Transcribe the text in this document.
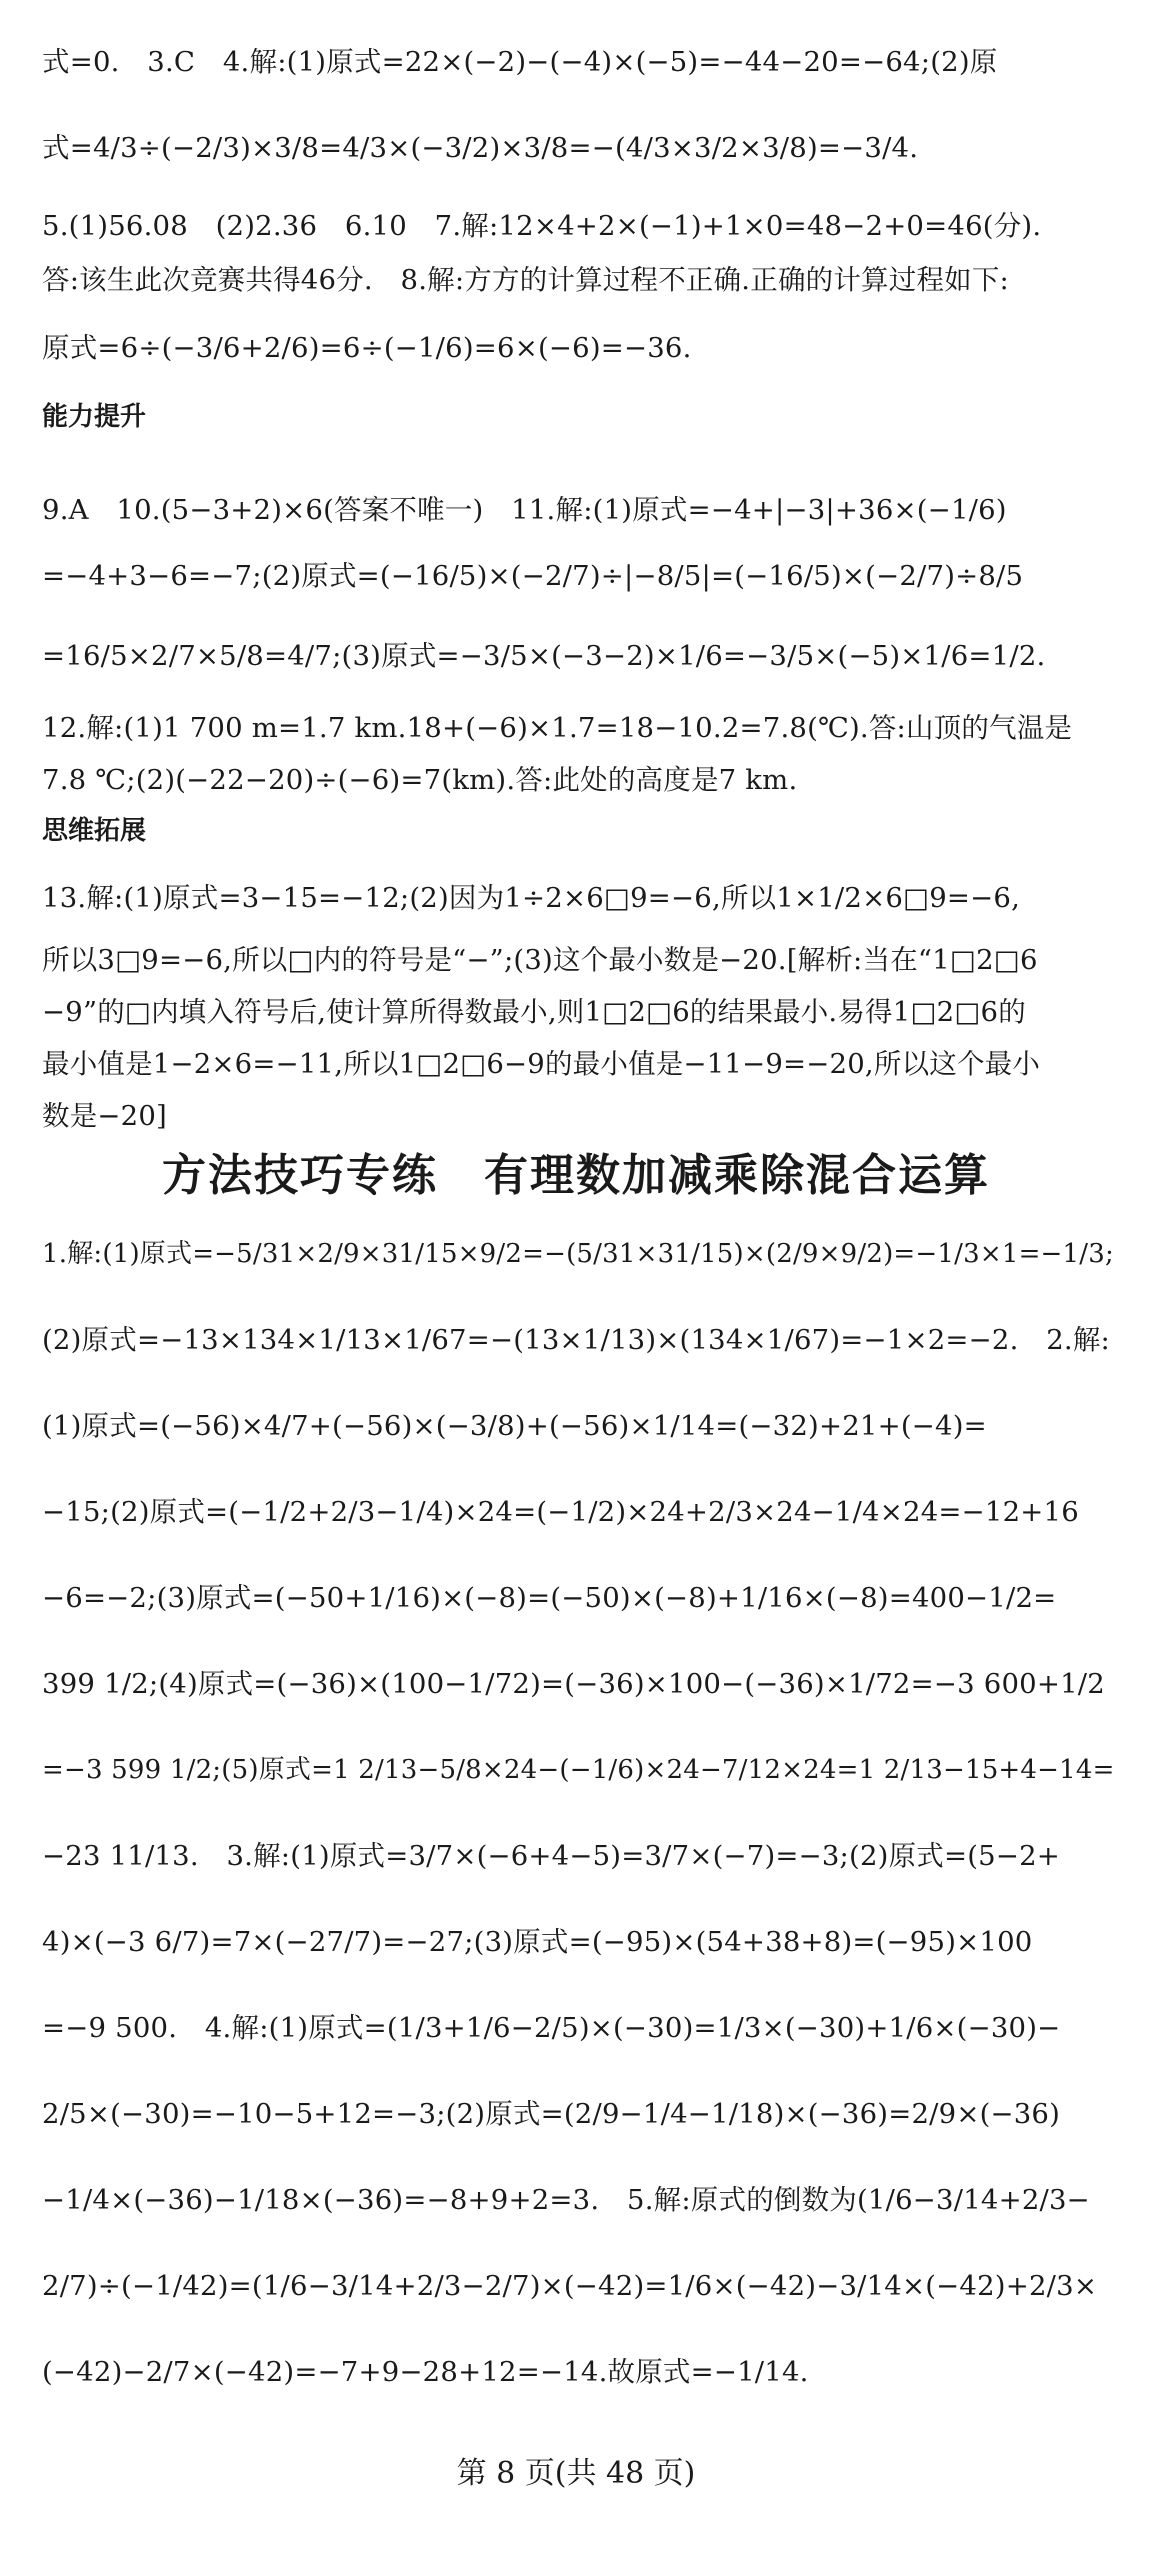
式=0.　3.C　4.解:(1)原式=22×(−2)−(−4)×(−5)=−44−20=−64;(2)原
式=4/3÷(−2/3)×3/8=4/3×(−3/2)×3/8=−(4/3×3/2×3/8)=−3/4.
5.(1)56.08　(2)2.36　6.10　7.解:12×4+2×(−1)+1×0=48−2+0=46(分).
答:该生此次竞赛共得46分.　8.解:方方的计算过程不正确.正确的计算过程如下:
原式=6÷(−3/6+2/6)=6÷(−1/6)=6×(−6)=−36.
能力提升
9.A　10.(5−3+2)×6(答案不唯一)　11.解:(1)原式=−4+|−3|+36×(−1/6)
=−4+3−6=−7;(2)原式=(−16/5)×(−2/7)÷|−8/5|=(−16/5)×(−2/7)÷8/5
=16/5×2/7×5/8=4/7;(3)原式=−3/5×(−3−2)×1/6=−3/5×(−5)×1/6=1/2.
12.解:(1)1 700 m=1.7 km.18+(−6)×1.7=18−10.2=7.8(℃).答:山顶的气温是
7.8 ℃;(2)(−22−20)÷(−6)=7(km).答:此处的高度是7 km.
思维拓展
13.解:(1)原式=3−15=−12;(2)因为1÷2×6□9=−6,所以1×1/2×6□9=−6,
所以3□9=−6,所以□内的符号是“−”;(3)这个最小数是−20.[解析:当在“1□2□6
−9”的□内填入符号后,使计算所得数最小,则1□2□6的结果最小.易得1□2□6的
最小值是1−2×6=−11,所以1□2□6−9的最小值是−11−9=−20,所以这个最小
数是−20]
方法技巧专练　有理数加减乘除混合运算
1.解:(1)原式=−5/31×2/9×31/15×9/2=−(5/31×31/15)×(2/9×9/2)=−1/3×1=−1/3;
(2)原式=−13×134×1/13×1/67=−(13×1/13)×(134×1/67)=−1×2=−2.　2.解:
(1)原式=(−56)×4/7+(−56)×(−3/8)+(−56)×1/14=(−32)+21+(−4)=
−15;(2)原式=(−1/2+2/3−1/4)×24=(−1/2)×24+2/3×24−1/4×24=−12+16
−6=−2;(3)原式=(−50+1/16)×(−8)=(−50)×(−8)+1/16×(−8)=400−1/2=
399 1/2;(4)原式=(−36)×(100−1/72)=(−36)×100−(−36)×1/72=−3 600+1/2
=−3 599 1/2;(5)原式=1 2/13−5/8×24−(−1/6)×24−7/12×24=1 2/13−15+4−14=
−23 11/13.　3.解:(1)原式=3/7×(−6+4−5)=3/7×(−7)=−3;(2)原式=(5−2+
4)×(−3 6/7)=7×(−27/7)=−27;(3)原式=(−95)×(54+38+8)=(−95)×100
=−9 500.　4.解:(1)原式=(1/3+1/6−2/5)×(−30)=1/3×(−30)+1/6×(−30)−
2/5×(−30)=−10−5+12=−3;(2)原式=(2/9−1/4−1/18)×(−36)=2/9×(−36)
−1/4×(−36)−1/18×(−36)=−8+9+2=3.　5.解:原式的倒数为(1/6−3/14+2/3−
2/7)÷(−1/42)=(1/6−3/14+2/3−2/7)×(−42)=1/6×(−42)−3/14×(−42)+2/3×
(−42)−2/7×(−42)=−7+9−28+12=−14.故原式=−1/14.
第 8 页(共 48 页)
